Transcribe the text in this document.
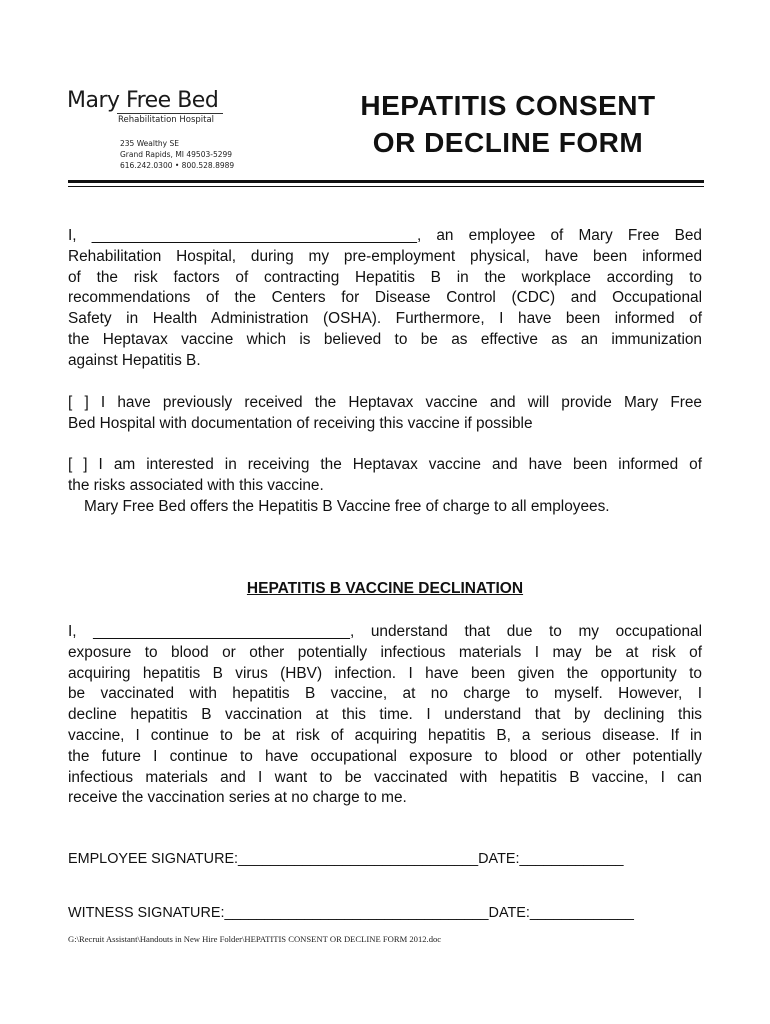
Mary Free Bed
Rehabilitation Hospital
235 Wealthy SE
Grand Rapids, MI 49503-5299
616.242.0300 • 800.528.8989
HEPATITIS CONSENT
OR DECLINE FORM
I, ______________________________________, an employee of Mary Free Bed
Rehabilitation Hospital, during my pre-employment physical, have been informed
of the risk factors of contracting Hepatitis B in the workplace according to
recommendations of the Centers for Disease Control (CDC) and Occupational
Safety in Health Administration (OSHA). Furthermore, I have been informed of
the Heptavax vaccine which is believed to be as effective as an immunization
against Hepatitis B.
[ ] I have previously received the Heptavax vaccine and will provide Mary Free
Bed Hospital with documentation of receiving this vaccine if possible
[ ] I am interested in receiving the Heptavax vaccine and have been informed of
the risks associated with this vaccine.
Mary Free Bed offers the Hepatitis B Vaccine free of charge to all employees.
HEPATITIS B VACCINE DECLINATION
I, ______________________________, understand that due to my occupational
exposure to blood or other potentially infectious materials I may be at risk of
acquiring hepatitis B virus (HBV) infection. I have been given the opportunity to
be vaccinated with hepatitis B vaccine, at no charge to myself. However, I
decline hepatitis B vaccination at this time. I understand that by declining this
vaccine, I continue to be at risk of acquiring hepatitis B, a serious disease. If in
the future I continue to have occupational exposure to blood or other potentially
infectious materials and I want to be vaccinated with hepatitis B vaccine, I can
receive the vaccination series at no charge to me.
EMPLOYEE SIGNATURE:______________________________DATE:_____________
WITNESS SIGNATURE:_________________________________DATE:_____________
G:\Recruit Assistant\Handouts in New Hire Folder\HEPATITIS CONSENT OR DECLINE FORM 2012.doc
